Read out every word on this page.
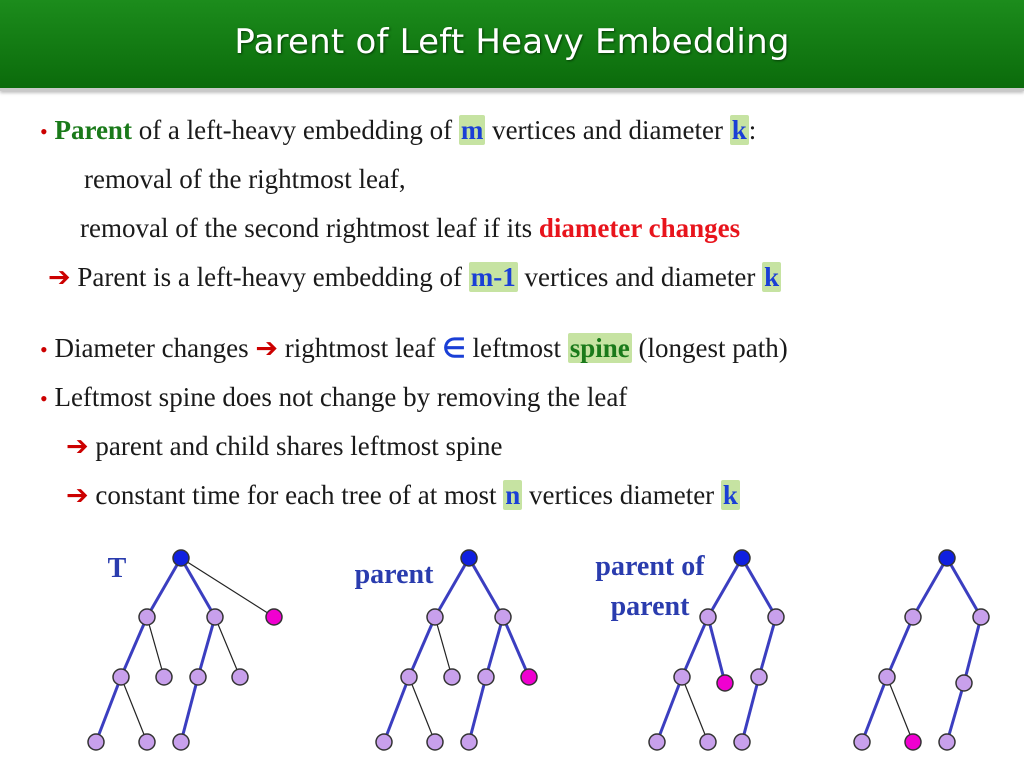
Parent of Left Heavy Embedding
• Parent of a left-heavy embedding of m vertices and diameter k:
removal of the rightmost leaf,
removal of the second rightmost leaf if its diameter changes
➔ Parent is a left-heavy embedding of m-1 vertices and diameter k
• Diameter changes ➔ rightmost leaf ∈ leftmost spine (longest path)
• Leftmost spine does not change by removing the leaf
➔ parent and child shares leftmost spine
➔ constant time for each tree of at most n vertices diameter k
T	parent	parent of
parent
